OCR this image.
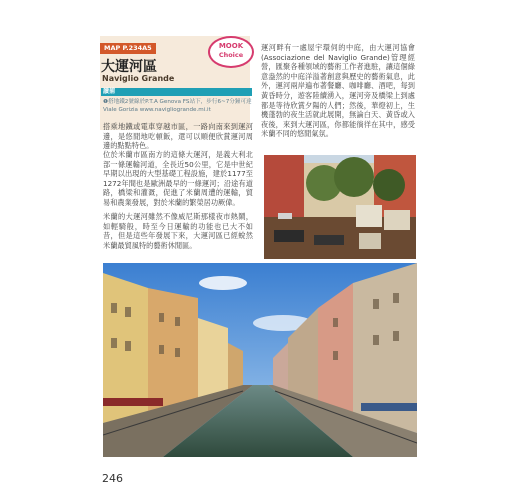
MAP P.234A5
大運河區
Naviglio Grande
讀捕
❶搭地鐵2號線於P.T.A Genova FS站下，步行6~7分鐘可達
Viale Gorizia www.navigliogrande.mi.it
MOOK
Choice
搭乘地鐵或電車穿越市區，一路向南來到運河邊，是悠閒地吃頓飯，還可以順便欣賞運河周邊的點點特色。
位於米蘭市區南方的這條大運河，是義大利北部一條運輸河道，全長近50公里，它是中世紀早期以出現的大型基礎工程設施，建於1177至1272年間也是歐洲最早的一條運河；沿途有道路，橋梁和灌溉，促進了米蘭周遭的運輸，貿易和農業發展，對於米蘭的繁榮居功厥偉。
米蘭的大運河雖然不像威尼斯那樣夜市熱鬧，如輕騎般，時至今日運輸的功能也已大不如昔，但是這些年發展下來，大運河區已經蛻然米蘭最貿風特的藝術休閒區。
運河畔有一處屋宇環伺的中庭，由大運河協會(Associazione del Naviglio Grande)管理經營，匯聚各種領域的藝術工作者進駐，讓這個綠意盎然的中庭洋溢著創意與歷史的藝術氣息，此外，運河兩岸遍布著餐廳、咖啡廳、酒吧，每到黃昏時分，遊客陸續湧入，運河旁及橋梁上到處都是等待欣賞夕陽的人們；然後，華燈初上，生機蓬勃的夜生活就此展開，無論白天、黃昏或入夜後，來到大運河區，你都能徜徉在其中，感受米蘭不同的悠閒氣氛。
246
